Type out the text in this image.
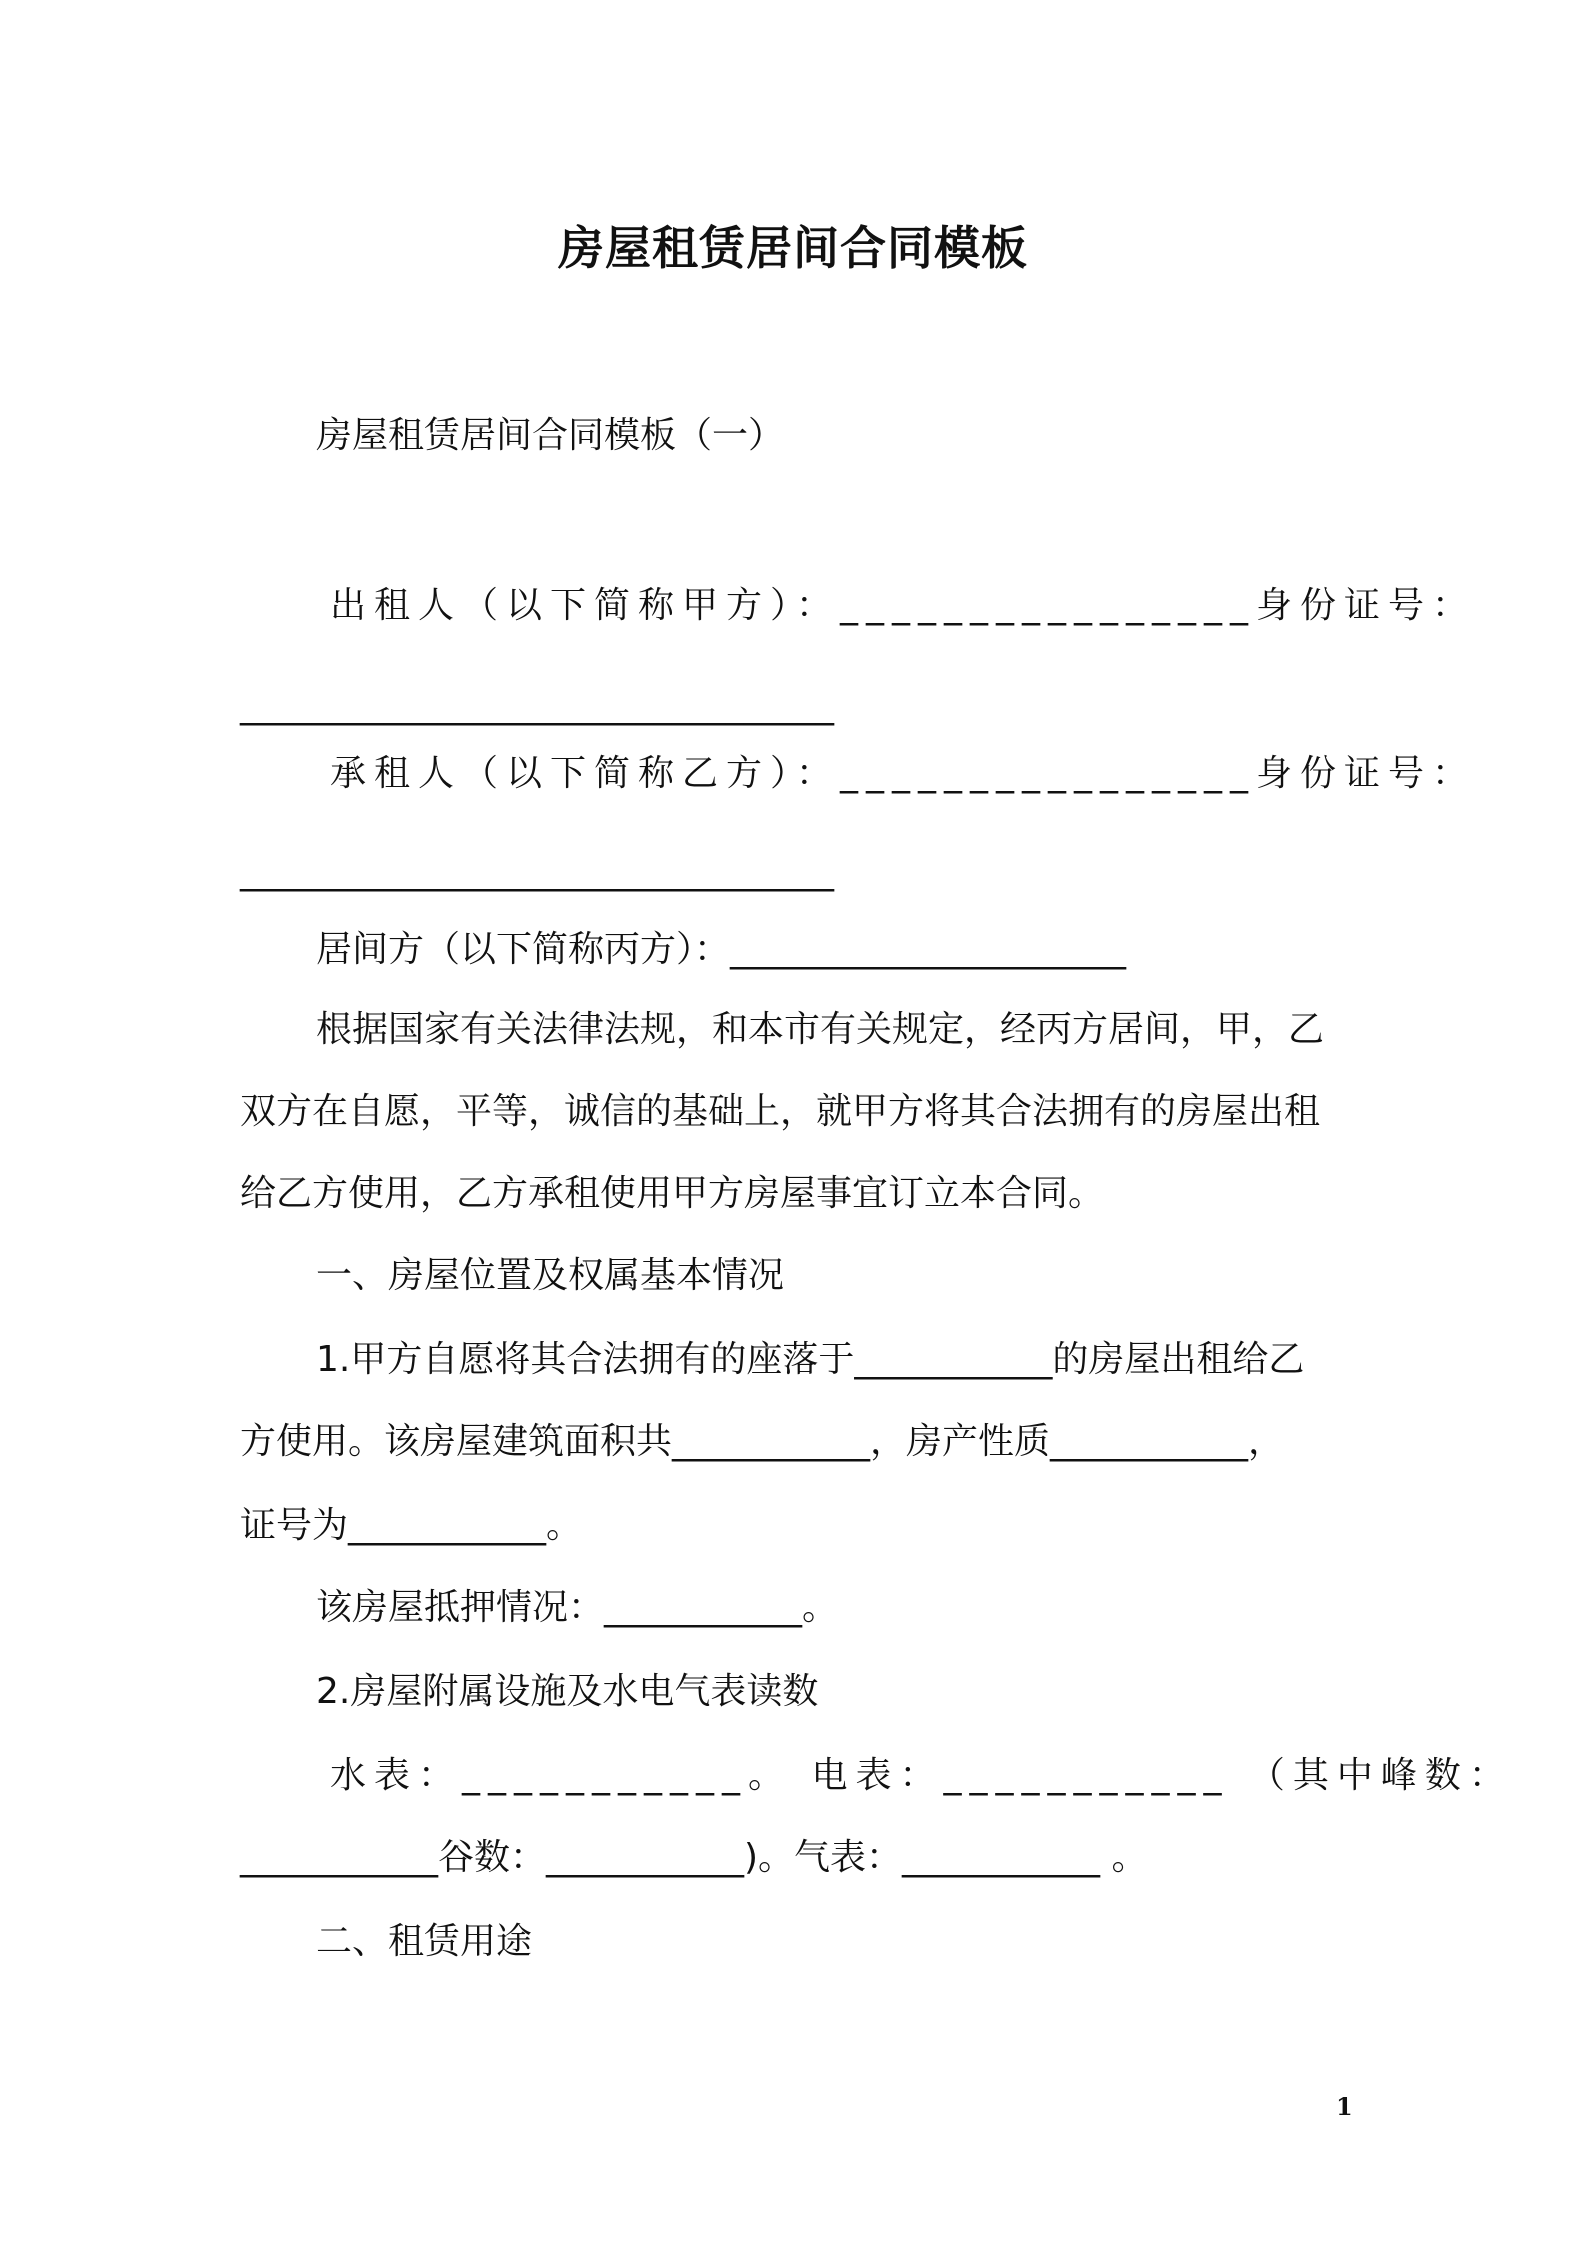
房屋租赁居间合同模板
房屋租赁居间合同模板（一）
出租人（以下简称甲方）：________________身份证号：
_________________________________
承租人（以下简称乙方）：________________身份证号：
_________________________________
居间方（以下简称丙方）：______________________
根据国家有关法律法规，和本市有关规定，经丙方居间，甲，乙
双方在自愿，平等，诚信的基础上，就甲方将其合法拥有的房屋出租
给乙方使用，乙方承租使用甲方房屋事宜订立本合同。
一、房屋位置及权属基本情况
1.甲方自愿将其合法拥有的座落于___________的房屋出租给乙
方使用。该房屋建筑面积共___________，房产性质___________，
证号为___________。
该房屋抵押情况：___________。
2.房屋附属设施及水电气表读数
水表：___________。 电表：___________ （其中峰数：
___________谷数：___________)。气表：___________ 。
二、租赁用途
1
